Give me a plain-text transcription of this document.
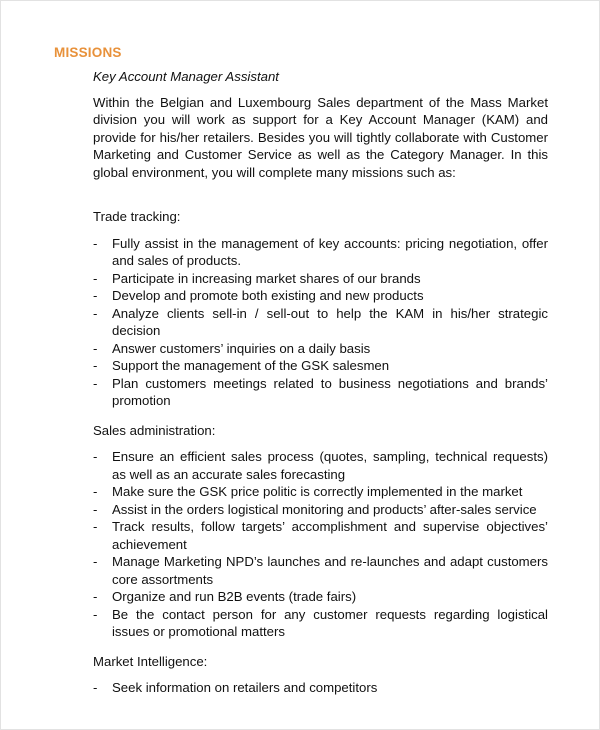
MISSIONS

Key Account Manager Assistant

Within the Belgian and Luxembourg Sales department of the Mass Market division you will work as support for a Key Account Manager (KAM) and provide for his/her retailers. Besides you will tightly collaborate with Customer Marketing and Customer Service as well as the Category Manager. In this global environment, you will complete many missions such as:

Trade tracking:

- Fully assist in the management of key accounts: pricing negotiation, offer and sales of products.
- Participate in increasing market shares of our brands
- Develop and promote both existing and new products
- Analyze clients sell-in / sell-out to help the KAM in his/her strategic decision
- Answer customers’ inquiries on a daily basis
- Support the management of the GSK salesmen
- Plan customers meetings related to business negotiations and brands’ promotion

Sales administration:

- Ensure an efficient sales process (quotes, sampling, technical requests) as well as an accurate sales forecasting
- Make sure the GSK price politic is correctly implemented in the market
- Assist in the orders logistical monitoring and products’ after-sales service
- Track results, follow targets’ accomplishment and supervise objectives’ achievement
- Manage Marketing NPD’s launches and re-launches and adapt customers core assortments
- Organize and run B2B events (trade fairs)
- Be the contact person for any customer requests regarding logistical issues or promotional matters

Market Intelligence:

- Seek information on retailers and competitors
